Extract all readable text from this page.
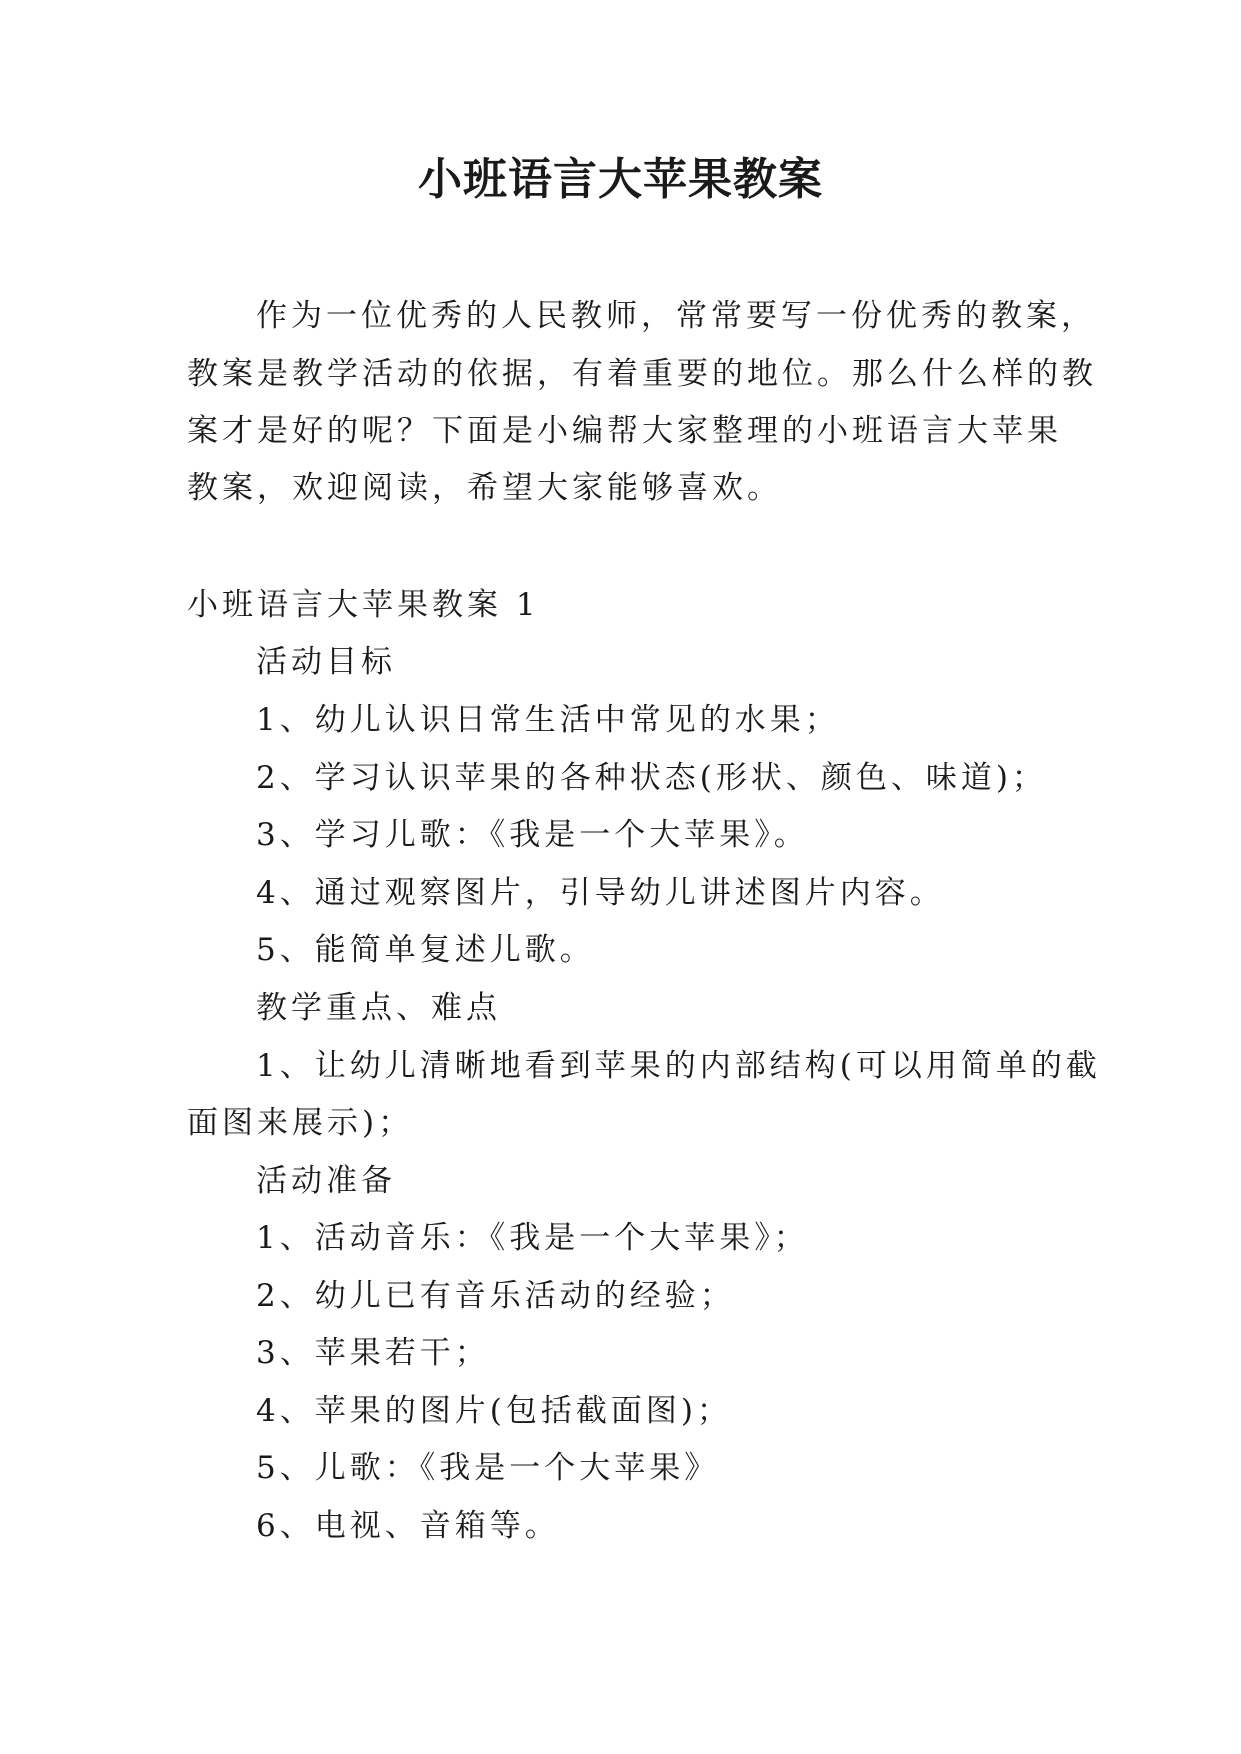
小班语言大苹果教案
作为一位优秀的人民教师，常常要写一份优秀的教案，
教案是教学活动的依据，有着重要的地位。那么什么样的教
案才是好的呢？下面是小编帮大家整理的小班语言大苹果
教案，欢迎阅读，希望大家能够喜欢。
小班语言大苹果教案 1
活动目标
1、幼儿认识日常生活中常见的水果；
2、学习认识苹果的各种状态(形状、颜色、味道)；
3、学习儿歌：《我是一个大苹果》。
4、通过观察图片，引导幼儿讲述图片内容。
5、能简单复述儿歌。
教学重点、难点
1、让幼儿清晰地看到苹果的内部结构(可以用简单的截
面图来展示)；
活动准备
1、活动音乐：《我是一个大苹果》；
2、幼儿已有音乐活动的经验；
3、苹果若干；
4、苹果的图片(包括截面图)；
5、儿歌：《我是一个大苹果》
6、电视、音箱等。
